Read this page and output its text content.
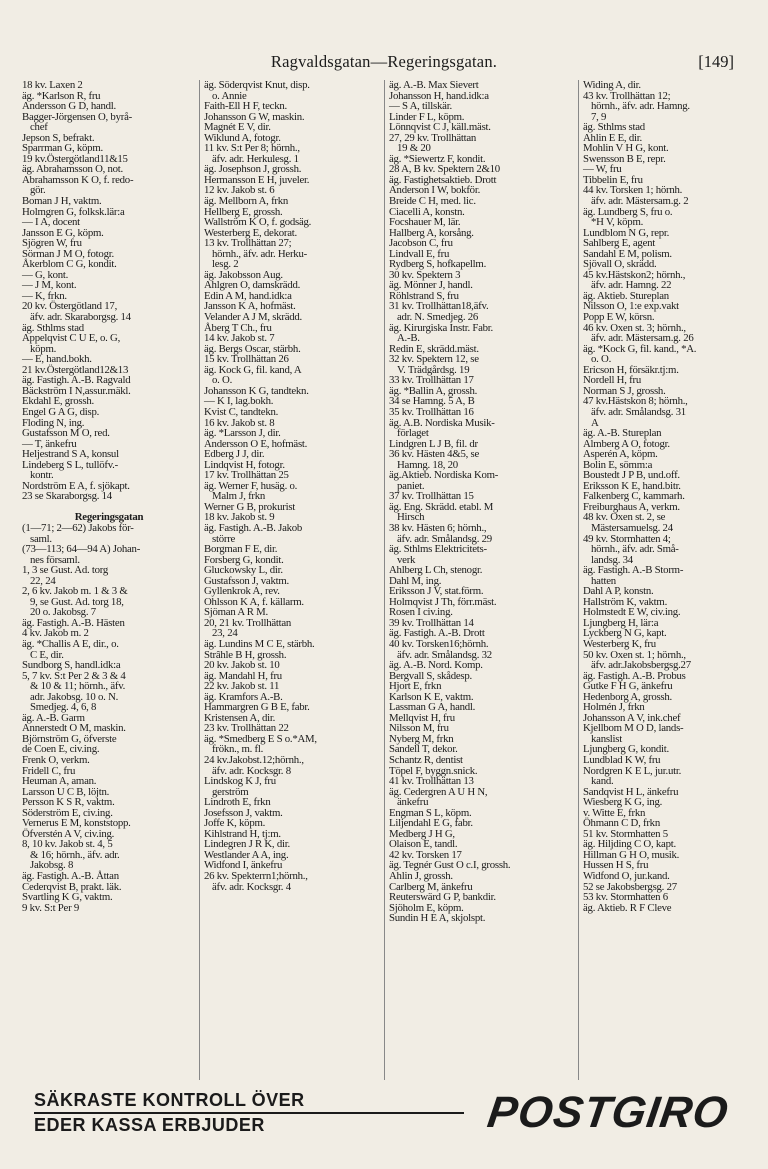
Ragvaldsgatan—Regeringsgatan.	[149]
18 kv. Laxen 2
äg. *Karlson R, fru
Andersson G D, handl.
Bagger-Jörgensen O, byrå-
chef
Jepson S, befrakt.
Sparrman G, köpm.
19 kv.Östergötland11&15
äg. Abrahamsson O, not.
Abrahamsson K O, f. redo-
gör.
Boman J H, vaktm.
Holmgren G, folksk.lär:a
— I A, docent
Jansson E G, köpm.
Sjögren W, fru
Sörman J M O, fotogr.
Åkerblom C G, kondit.
— G, kont.
— J M, kont.
— K, frkn.
20 kv. Östergötland 17,
äfv. adr. Skaraborgsg. 14
äg. Sthlms stad
Appelqvist C U E, o. G,
köpm.
— E, hand.bokh.
21 kv.Östergötland12&13
äg. Fastigh. A.-B. Ragvald
Bäckström I N,assur.mäkl.
Ekdahl E, grossh.
Engel G A G, disp.
Floding N, ing.
Gustafsson M O, red.
— T, änkefru
Heljestrand S A, konsul
Lindeberg S L, tullöfv.-
kontr.
Nordström E A, f. sjökapt.
23 se Skaraborgsg. 14

Regeringsgatan
(1—71; 2—62) Jakobs för-
saml.
(73—113; 64—94 A) Johan-
nes församl.
1, 3 se Gust. Ad. torg
22, 24
2, 6 kv. Jakob m. 1 & 3 &
9, se Gust. Ad. torg 18,
20 o. Jakobsg. 7
äg. Fastigh. A.-B. Hästen
4 kv. Jakob m. 2
äg. *Challis A E, dir., o.
C E, dir.
Sundborg S, handl.idk:a
5, 7 kv. S:t Per 2 & 3 & 4
& 10 & 11; hörnh., äfv.
adr. Jakobsg. 10 o. N.
Smedjeg. 4, 6, 8
äg. A.-B. Garm
Annerstedt O M, maskin.
Björnström G, öfverste
de Coen E, civ.ing.
Frenk O, verkm.
Fridell C, fru
Heuman A, aman.
Larsson U C B, löjtn.
Persson K S R, vaktm.
Söderström E, civ.ing.
Vernerus E M, konststopp.
Öfverstén A V, civ.ing.
8, 10 kv. Jakob st. 4, 5
& 16; hörnh., äfv. adr.
Jakobsg. 8
äg. Fastigh. A.-B. Åttan
Cederqvist B, prakt. läk.
Svartling K G, vaktm.
9 kv. S:t Per 9
äg. Söderqvist Knut, disp.
o. Annie
Faith-Ell H F, teckn.
Johansson G W, maskin.
Magnét E V, dir.
Wiklund A, fotogr.
11 kv. S:t Per 8; hörnh.,
äfv. adr. Herkulesg. 1
äg. Josephson J, grossh.
Hermansson E H, juveler.
12 kv. Jakob st. 6
äg. Mellborn A, frkn
Hellberg E, grossh.
Wallström K O, f. godsäg.
Westerberg E, dekorat.
13 kv. Trollhättan 27;
hörnh., äfv. adr. Herku-
lesg. 2
äg. Jakobsson Aug.
Ahlgren O, damskrädd.
Edin A M, hand.idk:a
Jansson K A, hofmäst.
Velander A J M, skrädd.
Åberg T Ch., fru
14 kv. Jakob st. 7
äg. Bergs Oscar, stärbh.
15 kv. Trollhättan 26
äg. Kock G, fil. kand, A
o. O.
Johansson K G, tandtekn.
— K I, lag.bokh.
Kvist C, tandtekn.
16 kv. Jakob st. 8
äg. *Larsson J, dir.
Andersson O E, hofmäst.
Edberg J J, dir.
Lindqvist H, fotogr.
17 kv. Trollhättan 25
äg. Werner F, husäg. o.
Malm J, frkn
Werner G B, prokurist
18 kv. Jakob st. 9
äg. Fastigh. A.-B. Jakob
större
Borgman F E, dir.
Forsberg G, kondit.
Gluckowsky L, dir.
Gustafsson J, vaktm.
Gyllenkrok A, rev.
Ohlsson K A, f. källarm.
Sjöman A R M.
20, 21 kv. Trollhättan
23, 24
äg. Lundins M C E, stärbh.
Strâhle B H, grossh.
20 kv. Jakob st. 10
äg. Mandahl H, fru
22 kv. Jakob st. 11
äg. Kramfors A.-B.
Hammargren G B E, fabr.
Kristensen A, dir.
23 kv. Trollhättan 22
äg. *Smedberg E S o.*AM,
frökn., m. fl.
24 kv.Jakobst.12;hörnh.,
äfv. adr. Kocksgr. 8
Lindskog K J, fru
gerström
Lindroth E, frkn
Josefsson J, vaktm.
Joffe K, köpm.
Kihlstrand H, tj:m.
Lindegren J R K, dir.
Westlander A A, ing.
Widfond I, änkefru
26 kv. Spekterrn1;hörnh.,
äfv. adr. Kocksgr. 4
äg. A.-B. Max Sievert
Johansson H, hand.idk:a
— S A, tillskär.
Linder F L, köpm.
Lönnqvist C J, käll.mäst.
27, 29 kv. Trollhättan
19 & 20
äg. *Siewertz F, kondit.
28 A, B kv. Spektern 2&10
äg. Fastighetsaktieb. Drott
Anderson I W, bokför.
Breide C H, med. lic.
Ciacelli A, konstn.
Focshauer M, lär.
Hallberg A, korsång.
Jacobson C, fru
Lindvall E, fru
Rydberg S, hofkapellm.
30 kv. Spektern 3
äg. Mönner J, handl.
Röhlstrand S, fru
31 kv. Trollhättan18,äfv.
adr. N. Smedjeg. 26
äg. Kirurgiska Instr. Fabr.
A.-B.
Redin E, skrädd.mäst.
32 kv. Spektern 12, se
V. Trädgårdsg. 19
33 kv. Trollhättan 17
äg. *Ballin A, grossh.
34 se Hamng. 5 A, B
35 kv. Trollhättan 16
äg. A.B. Nordiska Musik-
förlaget
Lindgren L J B, fil. dr
36 kv. Hästen 4&5, se
Hamng. 18, 20
äg.Aktieb. Nordiska Kom-
paniet.
37 kv. Trollhättan 15
äg. Eng. Skrädd. etabl. M
Hirsch
38 kv. Hästen 6; hörnh.,
äfv. adr. Smålandsg. 29
äg. Sthlms Elektricitets-
verk
Ahlberg L Ch, stenogr.
Dahl M, ing.
Eriksson J V, stat.förm.
Holmqvist J Th, förr.mäst.
Rosen I civ.ing.
39 kv. Trollhättan 14
äg. Fastigh. A.-B. Drott
40 kv. Torsken16;hörnh.
äfv. adr. Smålandsg. 32
äg. A.-B. Nord. Komp.
Bergvall S, skådesp.
Hjort E, frkn
Karlson K E, vaktm.
Lassman G A, handl.
Mellqvist H, fru
Nilsson M, fru
Nyberg M, frkn
Sandell T, dekor.
Schantz R, dentist
Töpel F, byggn.snick.
41 kv. Trollhättan 13
äg. Cedergren A U H N,
änkefru
Engman S L, köpm.
Liljendahl E G, fabr.
Medberg J H G,
Olaison E, tandl.
42 kv. Torsken 17
äg. Tegnér Gust O c.I, grossh.
Ahlin J, grossh.
Carlberg M, änkefru
Reuterswärd G P, bankdir.
Sjöholm E, köpm.
Sundin H E A, skjolspt.
Widing A, dir.
43 kv. Trollhättan 12;
hörnh., äfv. adr. Hamng.
7, 9
äg. Sthlms stad
Ahlin E E, dir.
Mohlin V H G, kont.
Swensson B E, repr.
— W, fru
Tibbelin E, fru
44 kv. Torsken 1; hörnh.
äfv. adr. Mästersam.g. 2
äg. Lundberg S, fru o.
*H V, köpm.
Lundblom N G, repr.
Sahlberg E, agent
Sandahl E M, polism.
Sjövall O, skrädd.
45 kv.Hästskon2; hörnh.,
äfv. adr. Hamng. 22
äg. Aktieb. Stureplan
Nilsson O, 1:e exp.vakt
Popp E W, körsn.
46 kv. Oxen st. 3; hörnh.,
äfv. adr. Mästersam.g. 26
äg. *Kock G, fil. kand., *A.
o. O.
Ericson H, försäkr.tj:m.
Nordell H, fru
Norman S J, grossh.
47 kv.Hästskon 8; hörnh.,
äfv. adr. Smålandsg. 31
A
äg. A.-B. Stureplan
Almberg A O, fotogr.
Asperén A, köpm.
Bolin E, sömm:a
Boustedt J P B, und.off.
Eriksson K E, hand.bitr.
Falkenberg C, kammarh.
Freiburghaus A, verkm.
48 kv. Oxen st. 2, se
Mästersamuelsg. 24
49 kv. Stormhatten 4;
hörnh., äfv. adr. Små-
landsg. 34
äg. Fastigh. A.-B Storm-
hatten
Dahl A P, konstn.
Hallström K, vaktm.
Holmstedt E W, civ.ing.
Ljungberg H, lär:a
Lyckberg N G, kapt.
Westerberg K, fru
50 kv. Oxen st. 1; hörnh.,
äfv. adr.Jakobsbergsg.27
äg. Fastigh. A.-B. Probus
Gutke F H G, änkefru
Hedenborg A, grossh.
Holmén J, frkn
Johansson A V, ink.chef
Kjellbom M O D, lands-
kanslist
Ljungberg G, kondit.
Lundblad K W, fru
Nordgren K E L, jur.utr.
kand.
Sandqvist H L, änkefru
Wiesberg K G, ing.
v. Witte E, frkn
Öhmann C D, frkn
51 kv. Stormhatten 5
äg. Hiljding C O, kapt.
Hillman G H O, musik.
Hussen H S, fru
Widfond O, jur.kand.
52 se Jakobsbergsg. 27
53 kv. Stormhatten 6
äg. Aktieb. R F Cleve
SÄKRASTE KONTROLL ÖVER
EDER KASSA ERBJUDER	POSTGIRO
